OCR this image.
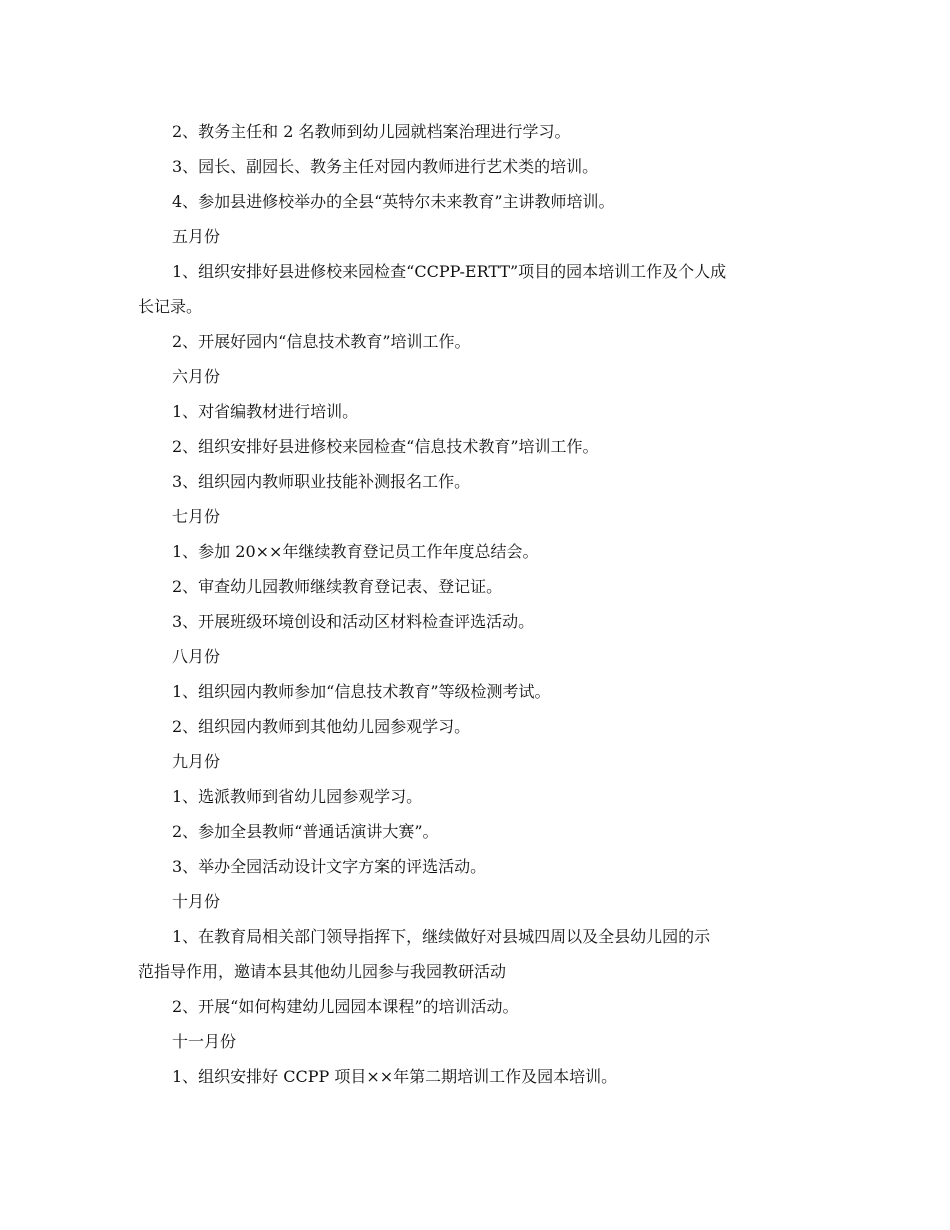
2、教务主任和 2 名教师到幼儿园就档案治理进行学习。

3、园长、副园长、教务主任对园内教师进行艺术类的培训。

4、参加县进修校举办的全县“英特尔未来教育”主讲教师培训。

五月份

1、组织安排好县进修校来园检查“CCPP-ERTT”项目的园本培训工作及个人成

长记录。

2、开展好园内“信息技术教育”培训工作。

六月份

1、对省编教材进行培训。

2、组织安排好县进修校来园检查“信息技术教育”培训工作。

3、组织园内教师职业技能补测报名工作。

七月份

1、参加 20××年继续教育登记员工作年度总结会。

2、审查幼儿园教师继续教育登记表、登记证。

3、开展班级环境创设和活动区材料检查评选活动。

八月份

1、组织园内教师参加“信息技术教育”等级检测考试。

2、组织园内教师到其他幼儿园参观学习。

九月份

1、选派教师到省幼儿园参观学习。

2、参加全县教师“普通话演讲大赛”。

3、举办全园活动设计文字方案的评选活动。

十月份

1、在教育局相关部门领导指挥下，继续做好对县城四周以及全县幼儿园的示

范指导作用，邀请本县其他幼儿园参与我园教研活动

2、开展“如何构建幼儿园园本课程”的培训活动。

十一月份

1、组织安排好 CCPP 项目××年第二期培训工作及园本培训。
